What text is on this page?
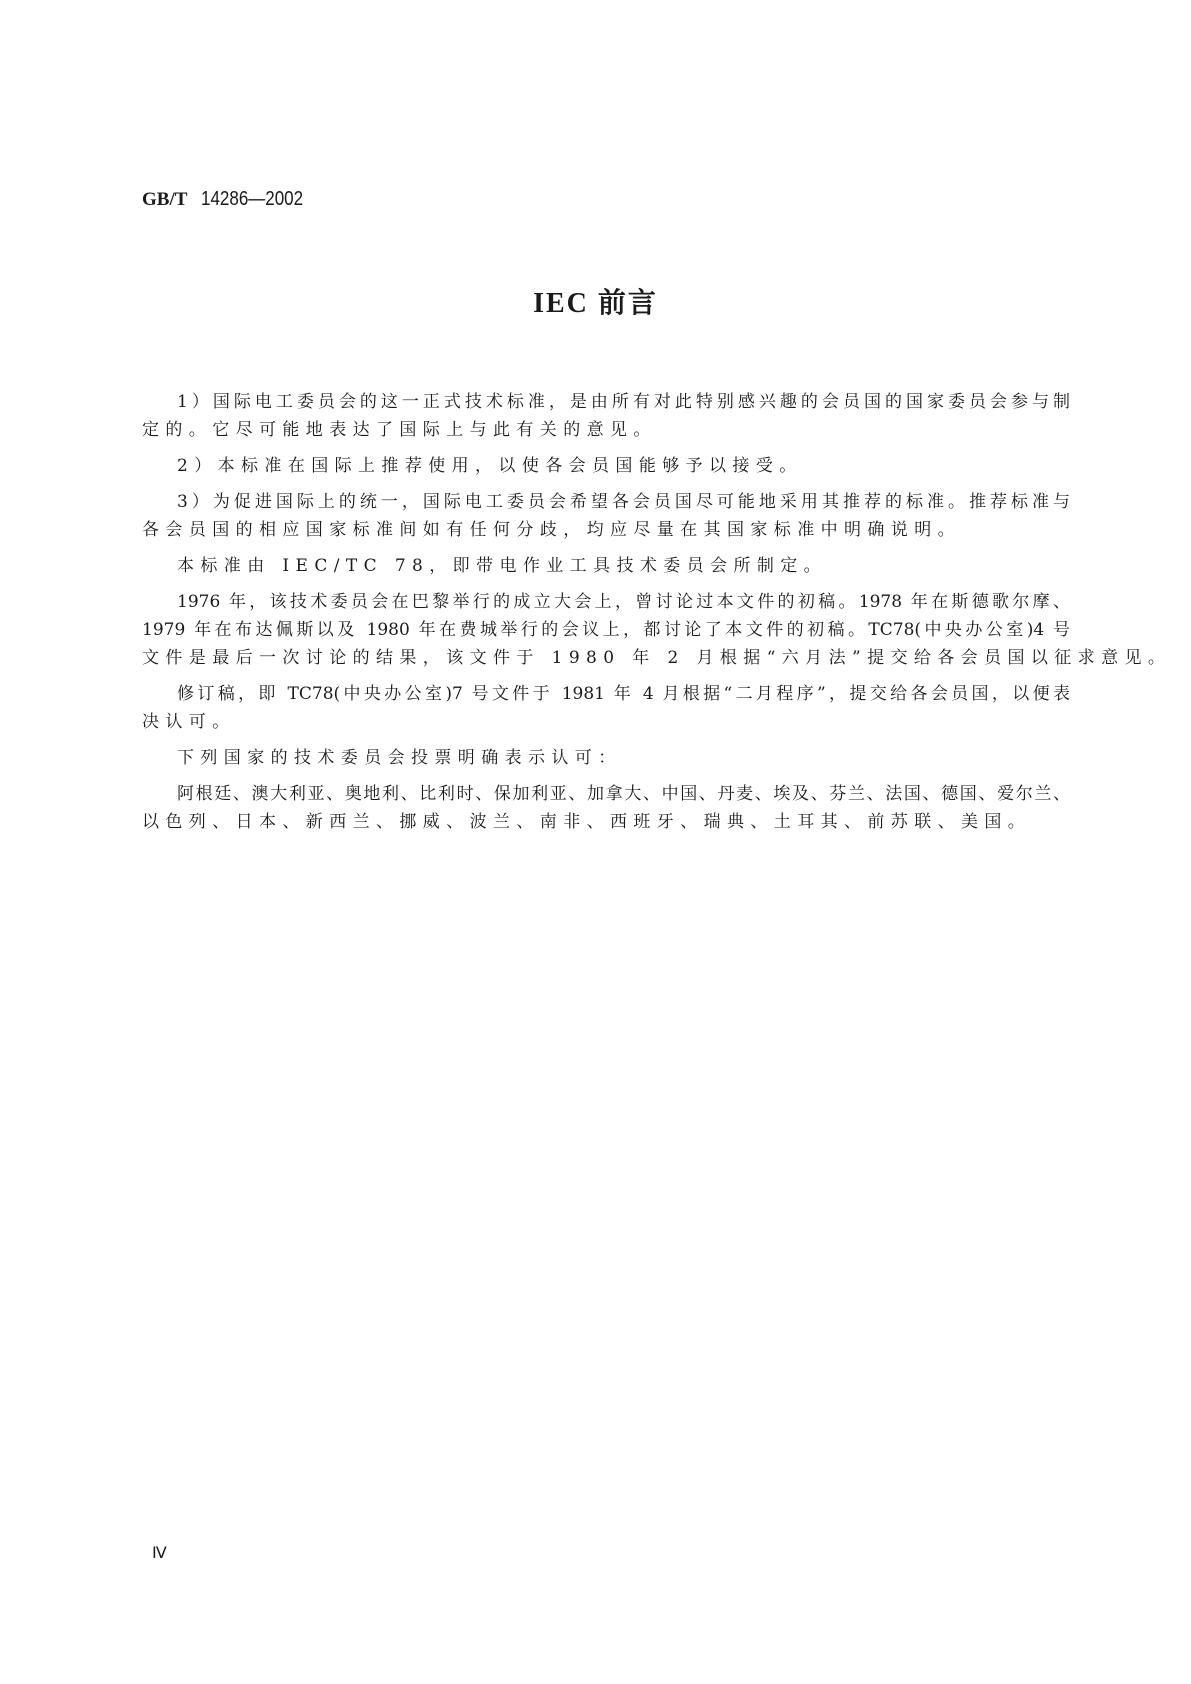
GB/T 14286—2002
IEC 前言
1）国际电工委员会的这一正式技术标准，是由所有对此特别感兴趣的会员国的国家委员会参与制
定的。它尽可能地表达了国际上与此有关的意见。
2）本标准在国际上推荐使用，以使各会员国能够予以接受。
3）为促进国际上的统一，国际电工委员会希望各会员国尽可能地采用其推荐的标准。推荐标准与
各会员国的相应国家标准间如有任何分歧，均应尽量在其国家标准中明确说明。
本标准由 IEC/TC 78，即带电作业工具技术委员会所制定。
1976 年，该技术委员会在巴黎举行的成立大会上，曾讨论过本文件的初稿。1978 年在斯德歌尔摩、
1979 年在布达佩斯以及 1980 年在费城举行的会议上，都讨论了本文件的初稿。TC78(中央办公室)4 号
文件是最后一次讨论的结果，该文件于 1980 年 2 月根据“六月法”提交给各会员国以征求意见。
修订稿，即 TC78(中央办公室)7 号文件于 1981 年 4 月根据“二月程序”，提交给各会员国，以便表
决认可。
下列国家的技术委员会投票明确表示认可：
阿根廷、澳大利亚、奥地利、比利时、保加利亚、加拿大、中国、丹麦、埃及、芬兰、法国、德国、爱尔兰、
以色列、日本、新西兰、挪威、波兰、南非、西班牙、瑞典、土耳其、前苏联、美国。
Ⅳ
